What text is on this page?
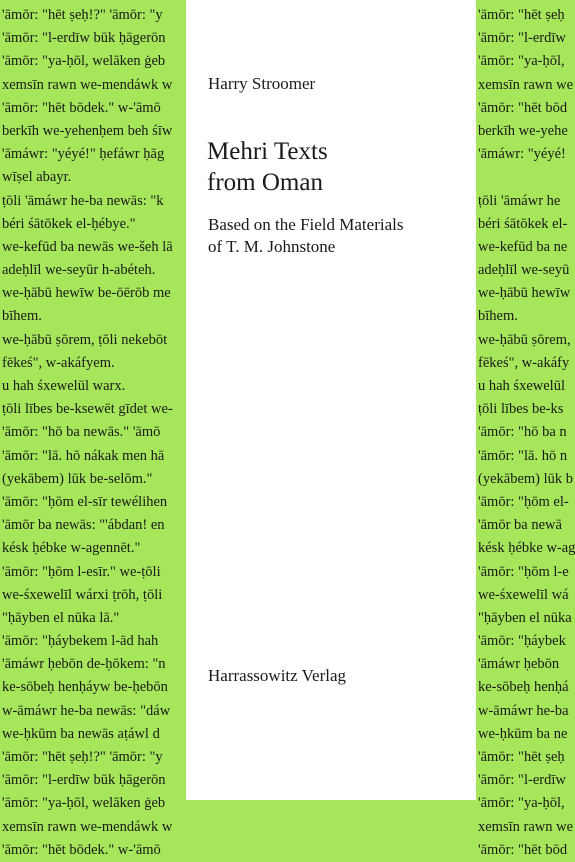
'āmōr: "hēt ṣeḥ!?" 'āmōr: "y
'āmōr: "l-erdīw būk ḥāgerōn
'āmōr: "ya-ḥōl, welāken ġeb
xemsīn rawn we-mendáwk w
'āmōr: "hēt bōdek." w-'āmō
berkīh we-yehenḥem beh śīw
'āmáwr: "yéyé!" ḥefáwr ḥāg
wīṣel abayr.
ṭōli 'āmáwr he-ba newās: "k
béri śātōkek el-ḥébye."
we-kefūd ba newās we-šeh lā
adeḥlīl we-seyūr h-abéteh.
we-ḥābū hewīw be-ōērōb me
bīhem.
we-ḥābū ṣōrem, ṭōli nekebōt
fēkeś", w-akáfyem.
u hah śxewelūl warx.
ṭōli lībes be-ksewēt gīdet we-
'āmōr: "hō ba newās." 'āmō
'āmōr: "lā. hō nákak men hā
(yekābem) lūk be-selōm."
'āmōr: "ḥōm el-sīr tewélihen
'āmōr ba newās: "'ábdan! en
késk ḥébke w-agennēt."
'āmōr: "ḥōm l-esīr." we-ṭōli
we-śxewelīl wárxi ṭrōh, ṭōli
"ḥāyben el nūka lā."
'āmōr: "ḥáybekem l-ād hah
'āmáwr ḥebōn de-ḥōkem: "n
ke-sōbeḥ henḥáyw be-ḥebōn
w-āmáwr he-ba newās: "dáw
we-ḥkūm ba newās aṭáwl d
'āmōr: "hēt ṣeḥ!?" 'āmōr: "y
'āmōr: "l-erdīw būk ḥāgerōn
'āmōr: "ya-ḥōl, welāken ġeb
xemsīn rawn we-mendáwk w
'āmōr: "hēt bōdek." w-'āmō
'āmōr: "hēt ṣeḥ
'āmōr: "l-erdīw
'āmōr: "ya-ḥōl,
xemsīn rawn we
'āmōr: "hēt bōd
berkīh we-yehe
'āmáwr: "yéyé!
ṭōli 'āmáwr he
béri śātōkek el-
we-kefūd ba ne
adeḥlīl we-seyū
we-ḥābū hewīw
bīhem.
we-ḥābū ṣōrem,
fēkeś", w-akáfy
u hah śxewelūl
ṭōli lībes be-ks
'āmōr: "hō ba n
'āmōr: "lā. hō n
(yekābem) lūk b
'āmōr: "ḥōm el-
'āmōr ba newā
késk ḥébke w-ag
'āmōr: "ḥōm l-e
we-śxewelīl wá
"ḥāyben el nūka
'āmōr: "ḥáybek
'āmáwr ḥebōn
ke-sōbeḥ henḥá
w-āmáwr he-ba
we-ḥkūm ba ne
'āmōr: "hēt ṣeḥ
'āmōr: "l-erdīw
'āmōr: "ya-ḥōl,
xemsīn rawn we
'āmōr: "hēt bōd
Harry Stroomer
Mehri Texts
from Oman
Based on the Field Materials
of T. M. Johnstone
Harrassowitz Verlag
